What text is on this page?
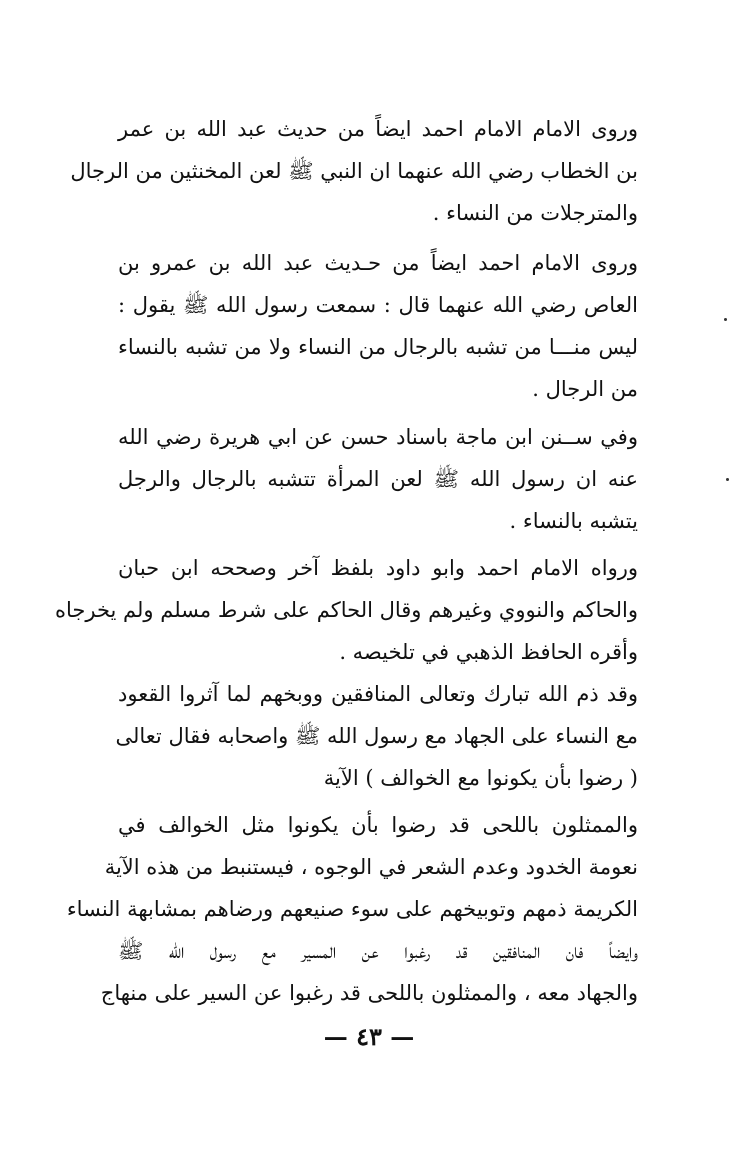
وروى الامام الامام احمد ايضاً من حديث عبد الله بن عمر
بن الخطاب رضي الله عنهما ان النبي ﷺ لعن المخنثين من الرجال
والمترجلات من النساء .
وروى الامام احمد ايضاً من حـديث عبد الله بن عمرو بن
العاص رضي الله عنهما قال : سمعت رسول الله ﷺ يقول :
ليس منـــا من تشبه بالرجال من النساء ولا من تشبه بالنساء
من الرجال .
وفي ســنن ابن ماجة باسناد حسن عن ابي هريرة رضي الله
عنه ان رسول الله ﷺ لعن المرأة تتشبه بالرجال والرجل
يتشبه بالنساء .
ورواه الامام احمد وابو داود بلفظ آخر وصححه ابن حبان
والحاكم والنووي وغيرهم وقال الحاكم على شرط مسلم ولم يخرجاه
وأقره الحافظ الذهبي في تلخيصه .
وقد ذم الله تبارك وتعالى المنافقين ووبخهم لما آثروا القعود
مع النساء على الجهاد مع رسول الله ﷺ واصحابه فقال تعالى
( رضوا بأن يكونوا مع الخوالف ) الآية
والممثلون باللحى قد رضوا بأن يكونوا مثل الخوالف في
نعومة الخدود وعدم الشعر في الوجوه ، فيستنبط من هذه الآية
الكريمة ذمهم وتوبيخهم على سوء صنيعهم ورضاهم بمشابهة النساء
وايضاً فان المنافقين قد رغبوا عن المسير مع رسول الله ﷺ
والجهاد معه ، والممثلون باللحى قد رغبوا عن السير على منهاج
— ٤٣ —
